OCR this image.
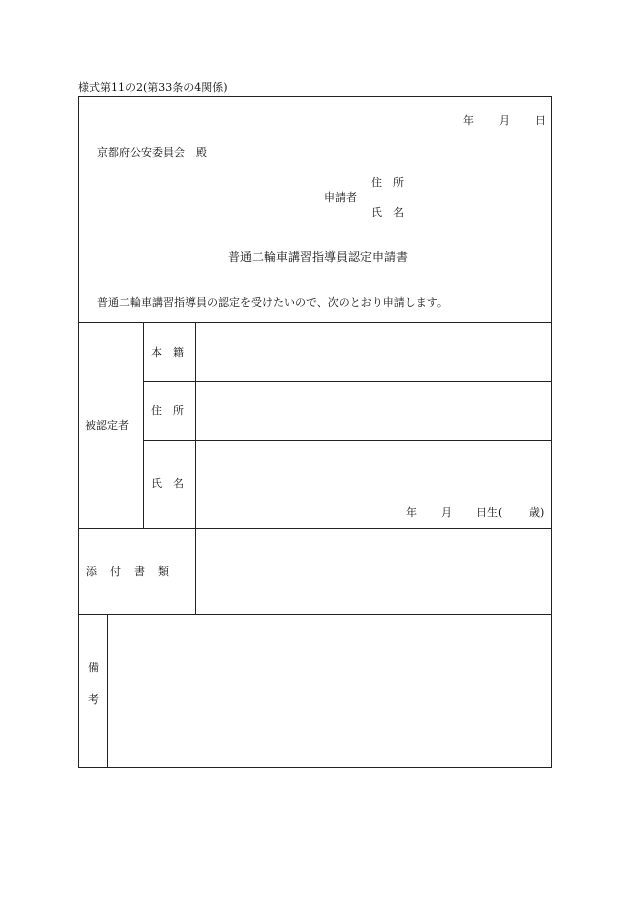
様式第11の2(第33条の4関係)
年 月 日
京都府公安委員会　殿
住　所
申請者
氏　名
普通二輪車講習指導員認定申請書
普通二輪車講習指導員の認定を受けたいので、次のとおり申請します。
被認定者
本　籍
住　所
氏　名
年 月 日生( 歳)
添　付　書　類
備
考
